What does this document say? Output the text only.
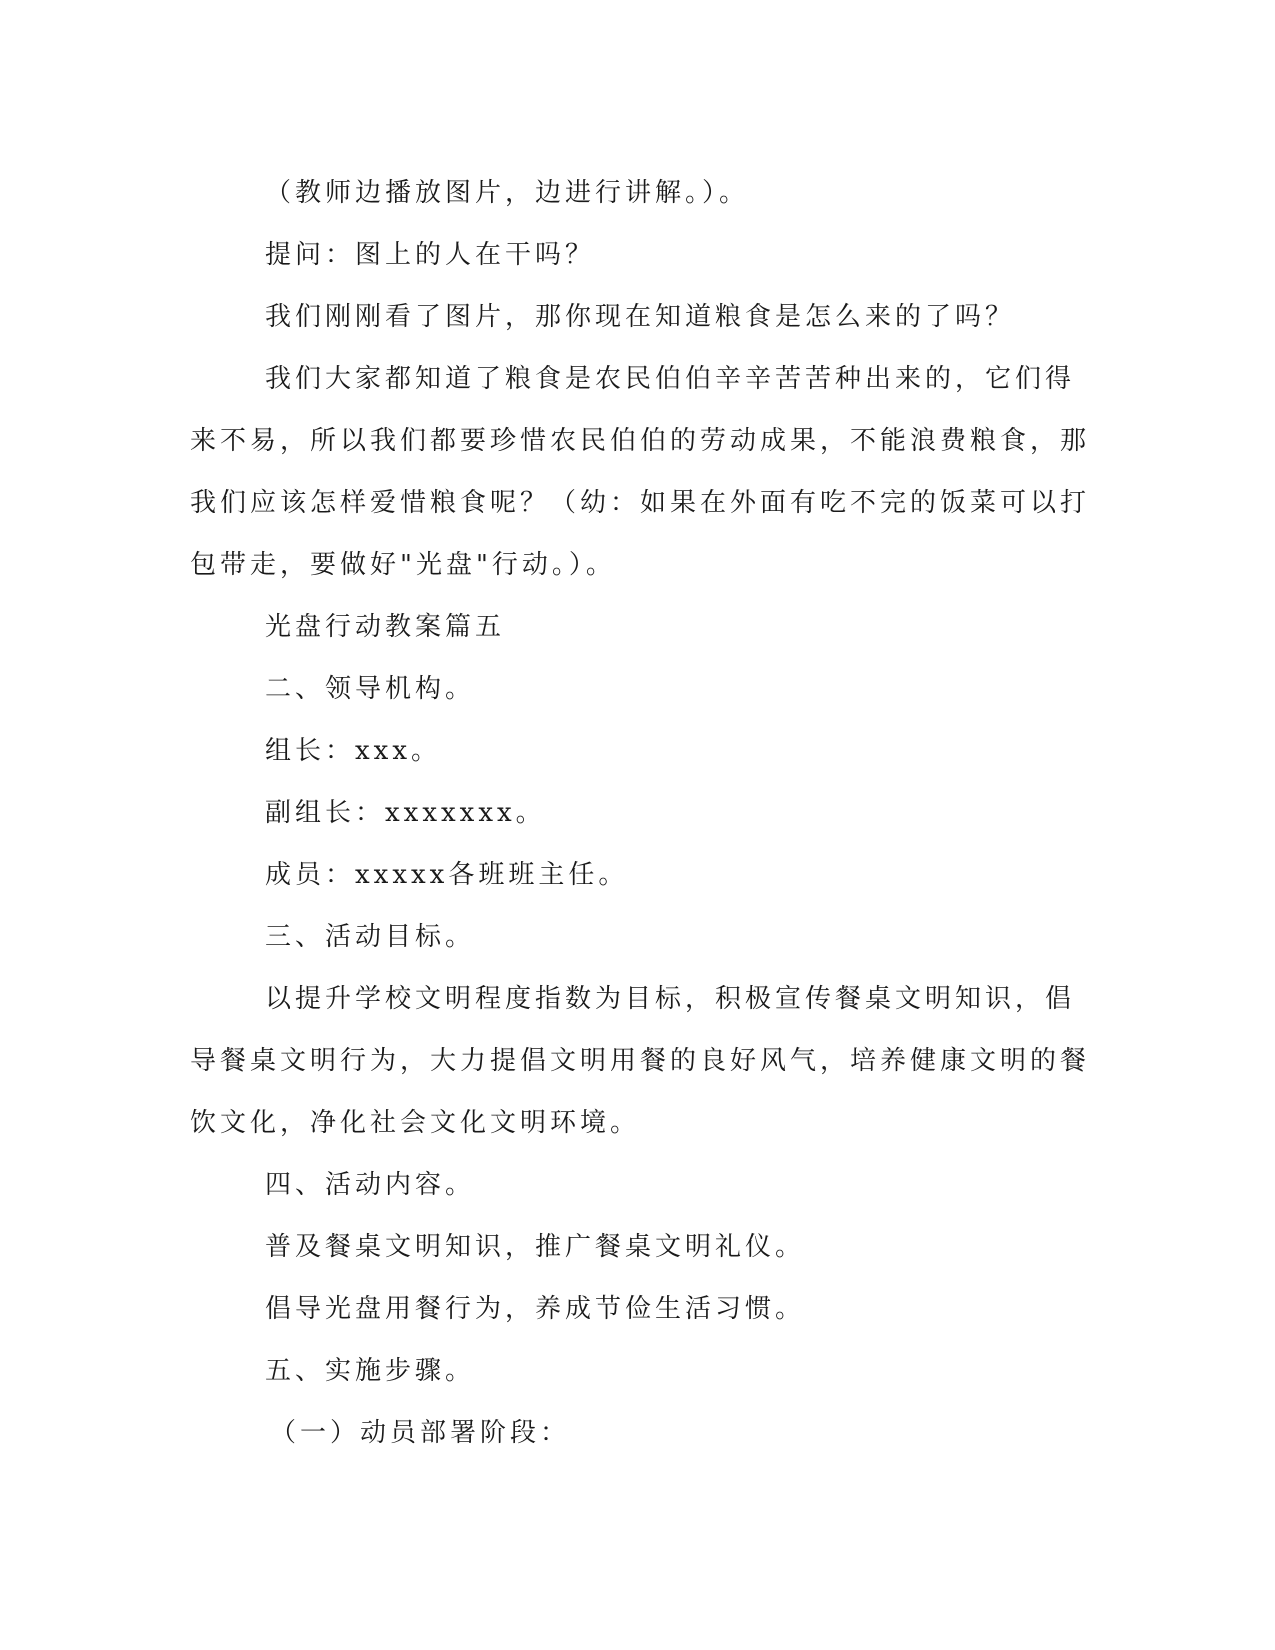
（教师边播放图片，边进行讲解。）。

提问：图上的人在干吗？

我们刚刚看了图片，那你现在知道粮食是怎么来的了吗？

我们大家都知道了粮食是农民伯伯辛辛苦苦种出来的，它们得来不易，所以我们都要珍惜农民伯伯的劳动成果，不能浪费粮食，那我们应该怎样爱惜粮食呢？（幼：如果在外面有吃不完的饭菜可以打包带走，要做好"光盘"行动。）。

光盘行动教案篇五

二、领导机构。

组长：xxx。

副组长：xxxxxxx。

成员：xxxxx各班班主任。

三、活动目标。

以提升学校文明程度指数为目标，积极宣传餐桌文明知识，倡导餐桌文明行为，大力提倡文明用餐的良好风气，培养健康文明的餐饮文化，净化社会文化文明环境。

四、活动内容。

普及餐桌文明知识，推广餐桌文明礼仪。

倡导光盘用餐行为，养成节俭生活习惯。

五、实施步骤。

（一）动员部署阶段：
